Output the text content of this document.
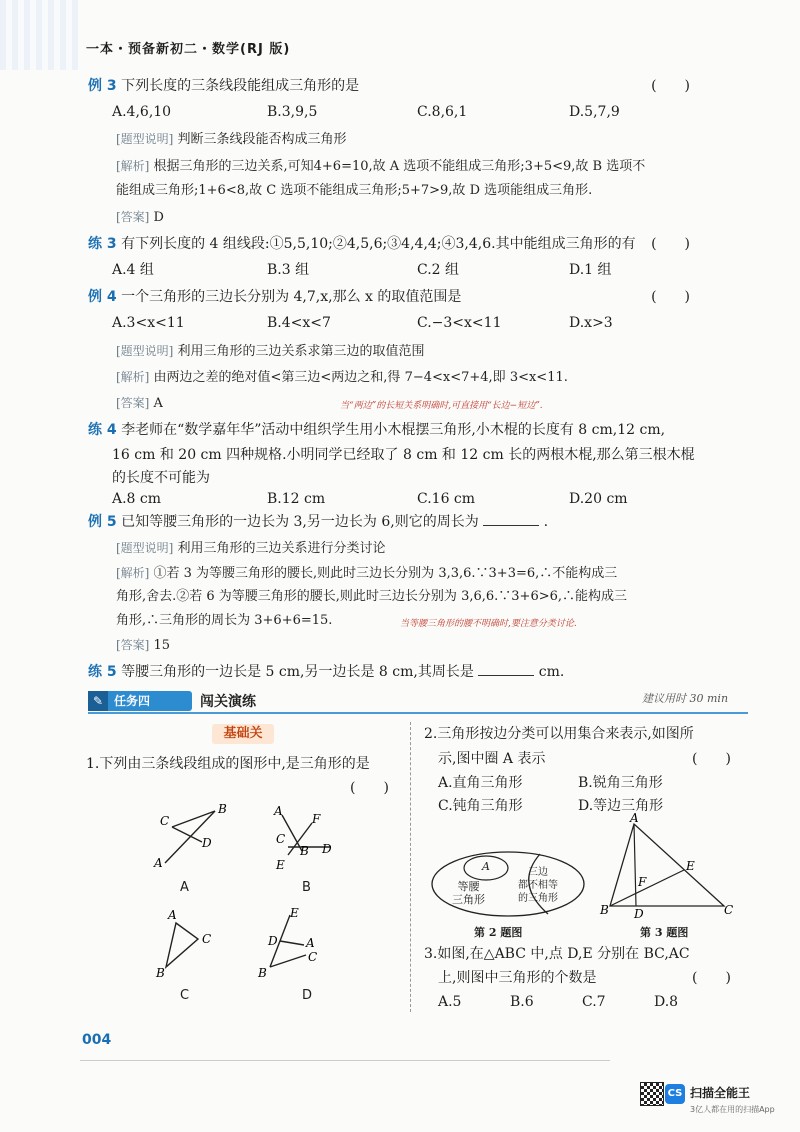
一本・预备新初二・数学(RJ 版)
例 3 下列长度的三条线段能组成三角形的是	(　　)
A.4,6,10	B.3,9,5	C.8,6,1	D.5,7,9
[题型说明] 判断三条线段能否构成三角形
[解析] 根据三角形的三边关系,可知4+6=10,故 A 选项不能组成三角形;3+5<9,故 B 选项不
能组成三角形;1+6<8,故 C 选项不能组成三角形;5+7>9,故 D 选项能组成三角形.
[答案] D
练 3 有下列长度的 4 组线段:①5,5,10;②4,5,6;③4,4,4;④3,4,6.其中能组成三角形的有 (　　)
A.4 组	B.3 组	C.2 组	D.1 组
例 4 一个三角形的三边长分别为 4,7,x,那么 x 的取值范围是	(　　)
A.3<x<11	B.4<x<7	C.−3<x<11	D.x>3
[题型说明] 利用三角形的三边关系求第三边的取值范围
[解析] 由两边之差的绝对值<第三边<两边之和,得 7−4<x<7+4,即 3<x<11.
[答案] A	当“两边”的长短关系明确时,可直接用“长边−短边”.
练 4 李老师在“数学嘉年华”活动中组织学生用小木棍摆三角形,小木棍的长度有 8 cm,12 cm,
16 cm 和 20 cm 四种规格.小明同学已经取了 8 cm 和 12 cm 长的两根木棍,那么第三根木棍
的长度不可能为
A.8 cm	B.12 cm	C.16 cm	D.20 cm
例 5 已知等腰三角形的一边长为 3,另一边长为 6,则它的周长为	.
[题型说明] 利用三角形的三边关系进行分类讨论
[解析] ①若 3 为等腰三角形的腰长,则此时三边长分别为 3,3,6.∵3+3=6,∴不能构成三
角形,舍去.②若 6 为等腰三角形的腰长,则此时三边长分别为 3,6,6.∵3+6>6,∴能构成三
角形,∴三角形的周长为 3+6+6=15.	当等腰三角形的腰不明确时,要注意分类讨论.
[答案] 15
练 5 等腰三角形的一边长是 5 cm,另一边长是 8 cm,其周长是	cm.
✎ 任务四	闯关演练	建议用时 30 min
基础关
1.下列由三条线段组成的图形中,是三角形的是
(　　)
C
B
D
A
A
F
C
B D
E
A
C
B
E
D A
C
B
A	B
C	D
2.三角形按边分类可以用集合来表示,如图所
示,图中圈 A 表示	(　　)
A.直角三角形	B.锐角三角形
C.钝角三角形	D.等边三角形
A
等腰
三角形
三边
都不相等
的三角形
第 2 题图
A
B	C
D
E
F
第 3 题图
3.如图,在△ABC 中,点 D,E 分别在 BC,AC
上,则图中三角形的个数是	(　　)
A.5	B.6	C.7	D.8
004
CS 扫描全能王
3亿人都在用的扫描App
